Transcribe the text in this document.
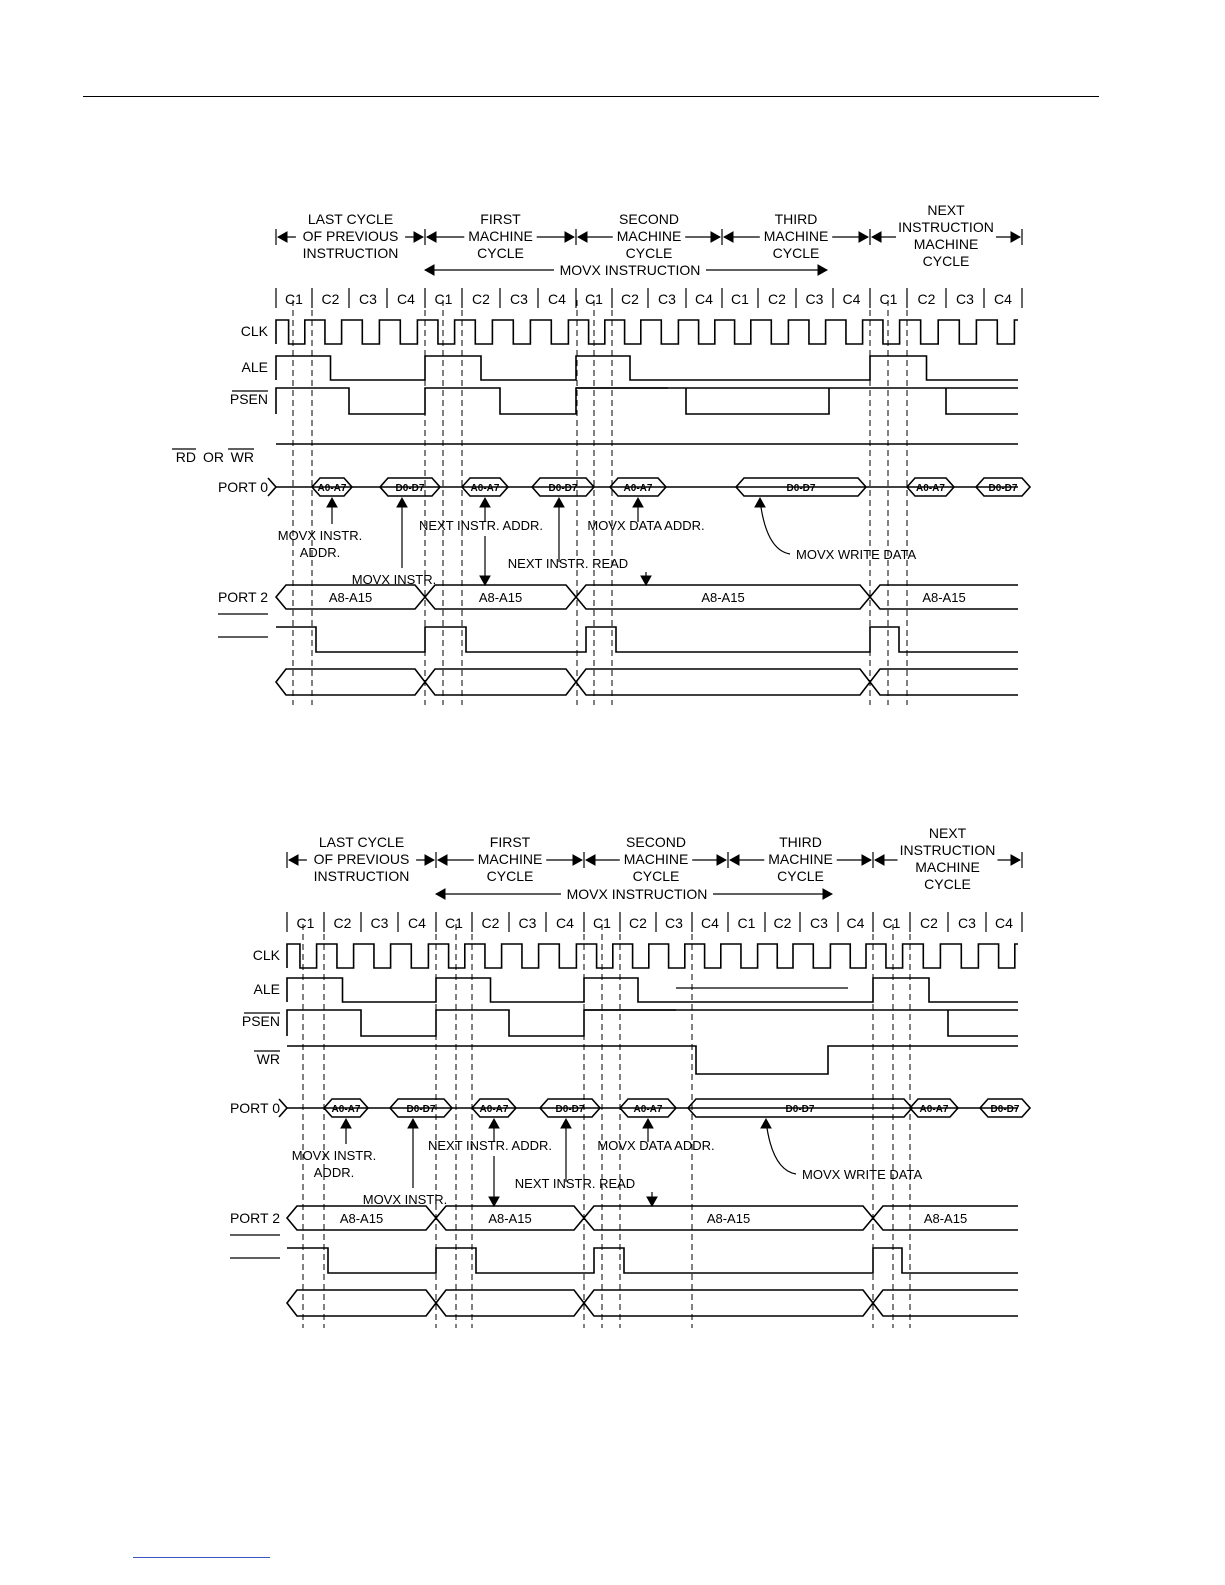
LAST CYCLE
OF PREVIOUS
INSTRUCTION
FIRST
MACHINE
CYCLE
SECOND
MACHINE
CYCLE
THIRD
MACHINE
CYCLE
NEXT
INSTRUCTION
MACHINE
CYCLE
MOVX INSTRUCTION
C1 C2 C3 C4 C1 C2 C3 C4 C1 C2 C3 C4 C1 C2 C3 C4 C1 C2 C3 C4
CLK
ALE
PSEN
WR
OR
RD
PORT 0
PORT 2
A0-A7	D0-D7	A0-A7	D0-D7	A0-A7	D0-D7	A0-A7	D0-D7
A8-A15	A8-A15	A8-A15	A8-A15
MOVX INSTR.
ADDR.
MOVX INSTR.
NEXT INSTR. ADDR.	MOVX DATA ADDR.
NEXT INSTR. READ
MOVX WRITE DATA
LAST CYCLE
OF PREVIOUS
INSTRUCTION
FIRST
MACHINE
CYCLE
SECOND
MACHINE
CYCLE
THIRD
MACHINE
CYCLE
NEXT
INSTRUCTION
MACHINE
CYCLE
MOVX INSTRUCTION
C1 C2 C3 C4 C1 C2 C3 C4 C1 C2 C3 C4 C1 C2 C3 C4 C1 C2 C3 C4
CLK
ALE
PSEN
WR
PORT 0
PORT 2
A0-A7	D0-D7	A0-A7	D0-D7	A0-A7	D0-D7	A0-A7	D0-D7
A8-A15	A8-A15	A8-A15	A8-A15
MOVX INSTR.
ADDR.
MOVX INSTR.
NEXT INSTR. ADDR.	MOVX DATA ADDR.
NEXT INSTR. READ
MOVX WRITE DATA
